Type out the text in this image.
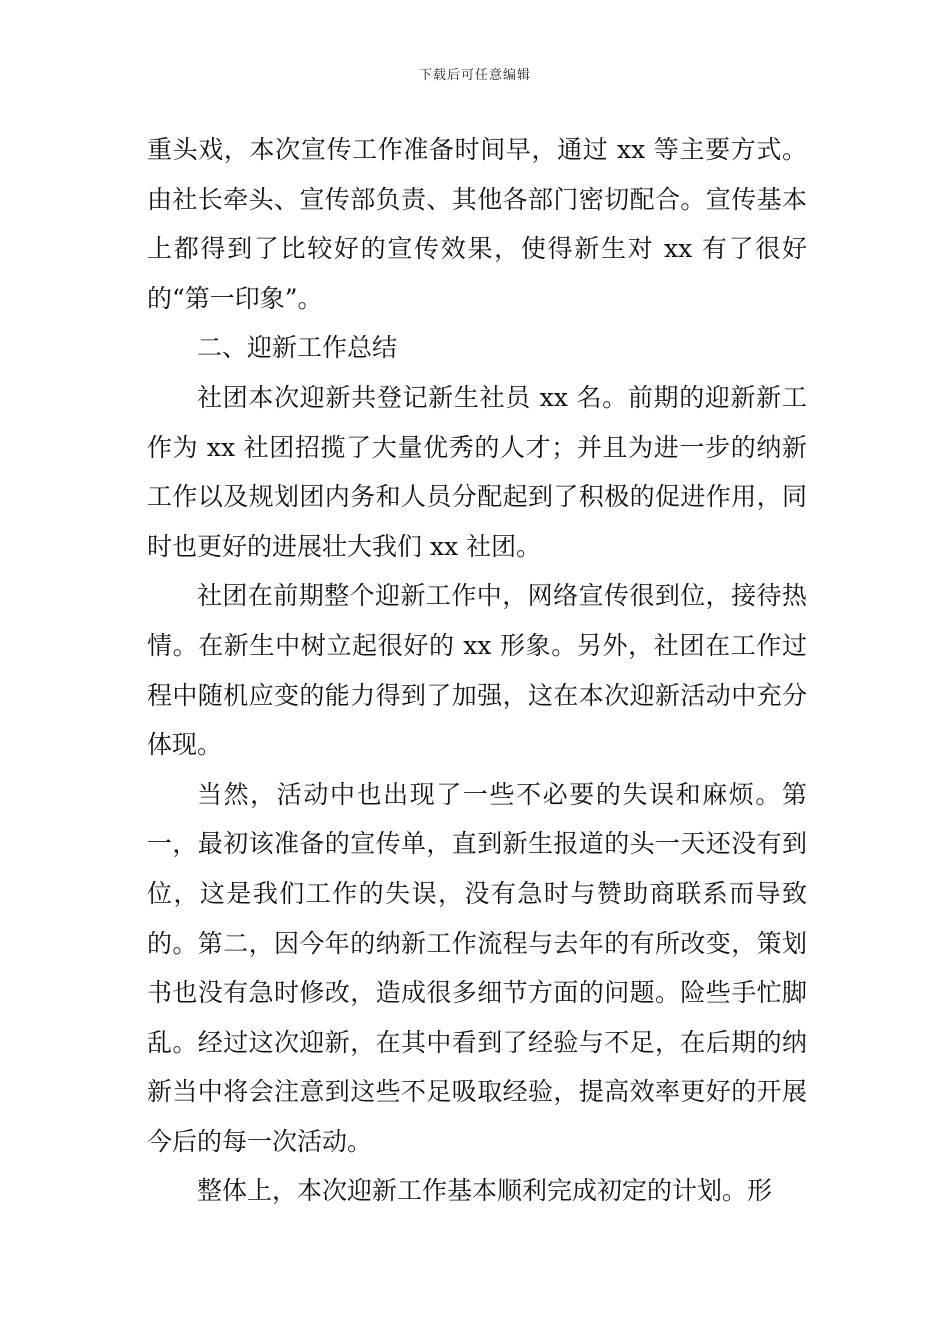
下载后可任意编辑

重头戏，本次宣传工作准备时间早，通过 xx 等主要方式。由社长牵头、宣传部负责、其他各部门密切配合。宣传基本上都得到了比较好的宣传效果，使得新生对 xx 有了很好的“第一印象”。

二、迎新工作总结

社团本次迎新共登记新生社员 xx 名。前期的迎新新工作为 xx 社团招揽了大量优秀的人才；并且为进一步的纳新工作以及规划团内务和人员分配起到了积极的促进作用，同时也更好的进展壮大我们 xx 社团。

社团在前期整个迎新工作中，网络宣传很到位，接待热情。在新生中树立起很好的 xx 形象。另外，社团在工作过程中随机应变的能力得到了加强，这在本次迎新活动中充分体现。

当然，活动中也出现了一些不必要的失误和麻烦。第一，最初该准备的宣传单，直到新生报道的头一天还没有到位，这是我们工作的失误，没有急时与赞助商联系而导致的。第二，因今年的纳新工作流程与去年的有所改变，策划书也没有急时修改，造成很多细节方面的问题。险些手忙脚乱。经过这次迎新，在其中看到了经验与不足，在后期的纳新当中将会注意到这些不足吸取经验，提高效率更好的开展今后的每一次活动。

整体上，本次迎新工作基本顺利完成初定的计划。形
